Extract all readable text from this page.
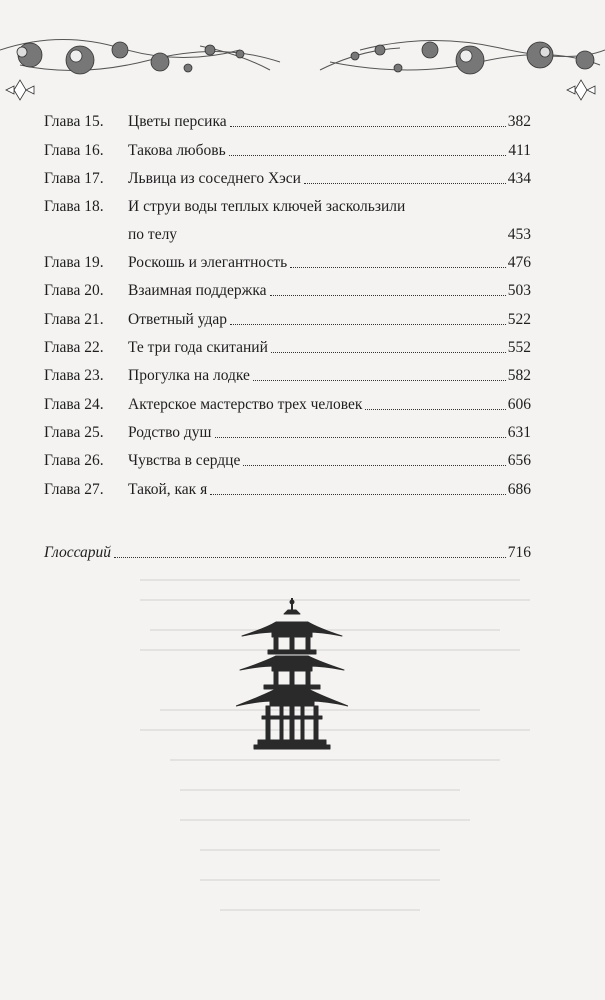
Глава 15.	Цветы персика	382
Глава 16.	Такова любовь	411
Глава 17.	Львица из соседнего Хэси	434
Глава 18.	И струи воды теплых ключей заскользили
по телу	453
Глава 19.	Роскошь и элегантность	476
Глава 20.	Взаимная поддержка	503
Глава 21.	Ответный удар	522
Глава 22.	Те три года скитаний	552
Глава 23.	Прогулка на лодке	582
Глава 24.	Актерское мастерство трех человек	606
Глава 25.	Родство душ	631
Глава 26.	Чувства в сердце	656
Глава 27.	Такой, как я	686
Глоссарий	716
